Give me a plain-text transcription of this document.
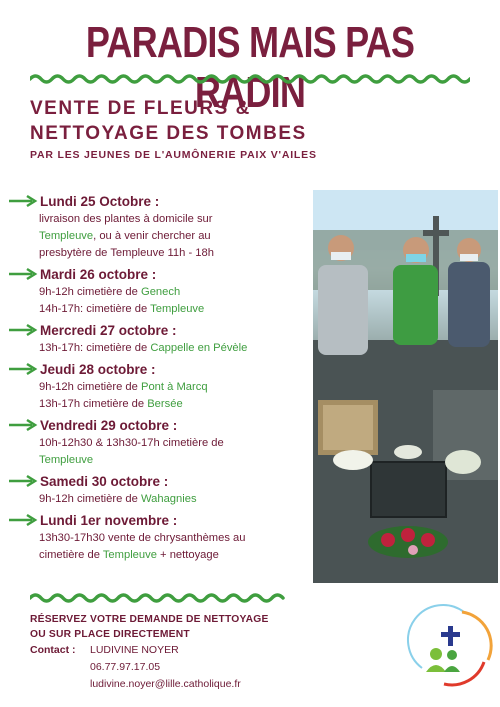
PARADIS MAIS PAS RADIN
VENTE DE FLEURS &
NETTOYAGE DES TOMBES
PAR LES JEUNES DE L'AUMÔNERIE PAIX V'AILES
Lundi 25 Octobre :
livraison des plantes à domicile sur
Templeuve, ou à venir chercher au
presbytère de Templeuve 11h - 18h
Mardi 26 octobre :
9h-12h cimetière de Genech
14h-17h: cimetière de Templeuve
Mercredi 27 octobre :
13h-17h: cimetière de Cappelle en Pévèle
Jeudi 28 octobre :
9h-12h cimetière de Pont à Marcq
13h-17h cimetière de Bersée
Vendredi 29 octobre :
10h-12h30 & 13h30-17h cimetière de
Templeuve
Samedi 30 octobre :
9h-12h cimetière de Wahagnies
Lundi 1er novembre :
13h30-17h30 vente de chrysanthèmes au
cimetière de Templeuve + nettoyage
RÉSERVEZ VOTRE DEMANDE DE NETTOYAGE
OU SUR PLACE DIRECTEMENT
Contact : LUDIVINE NOYER
06.77.97.17.05
ludivine.noyer@lille.catholique.fr
